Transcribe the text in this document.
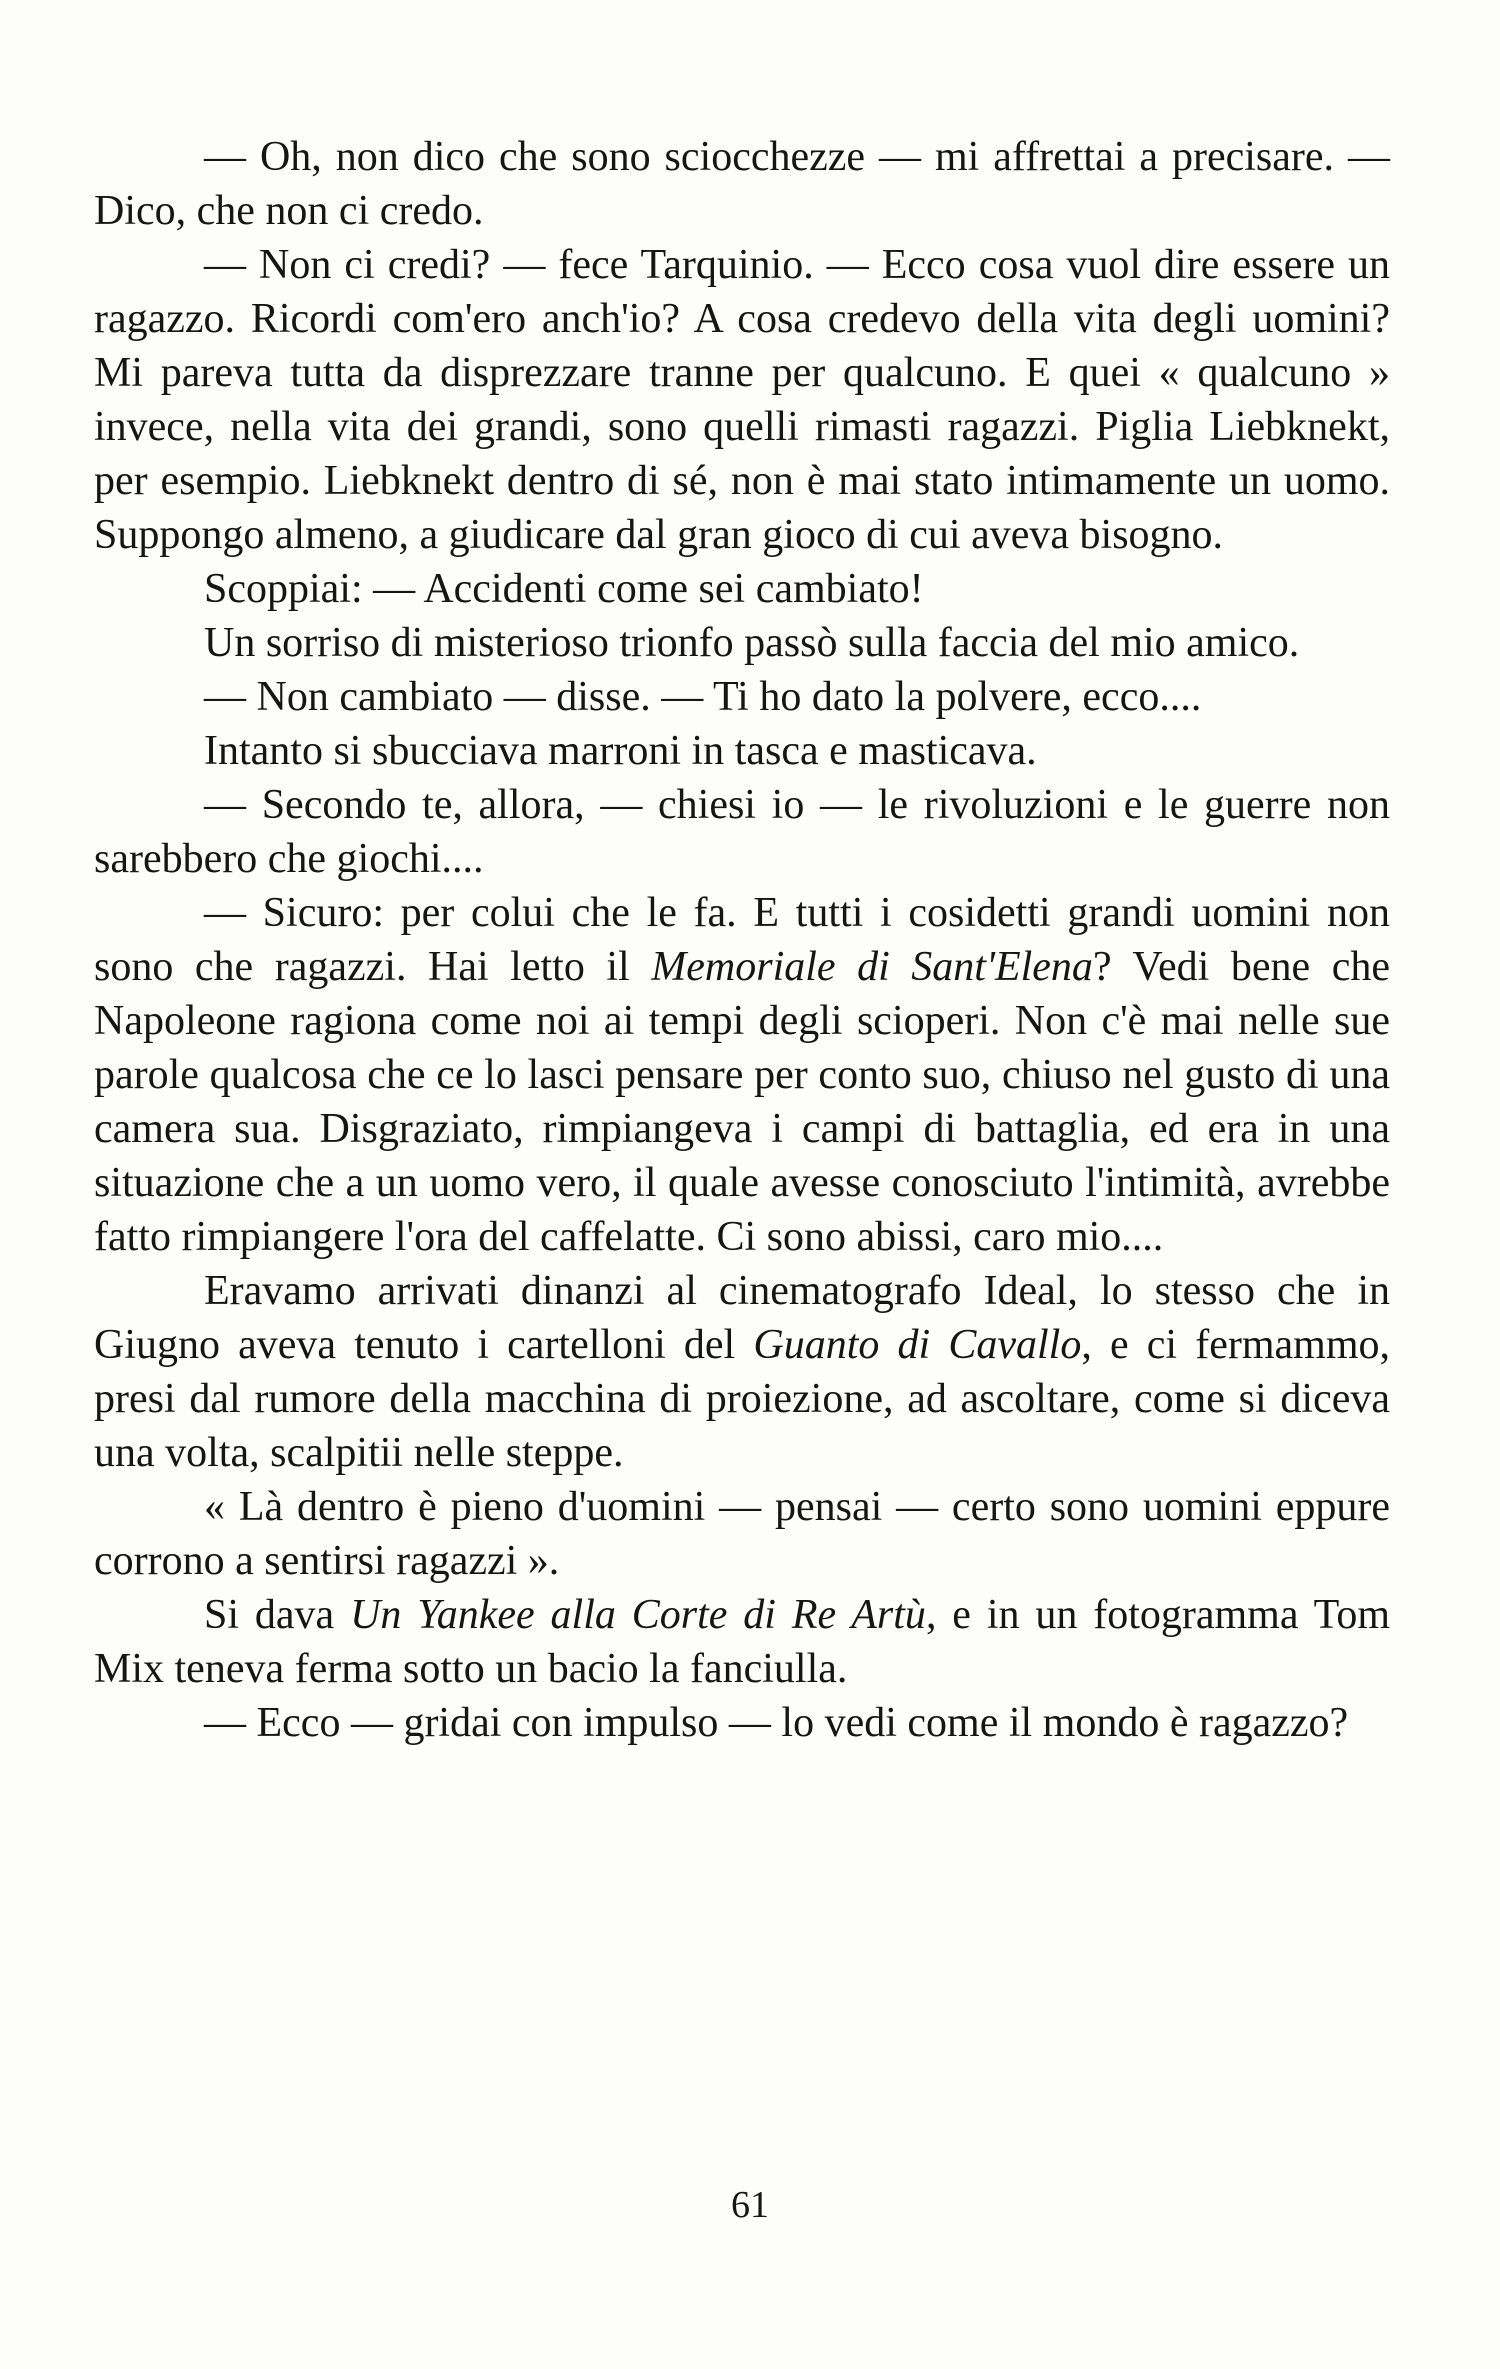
— Oh, non dico che sono sciocchezze — mi affrettai a precisare. — Dico, che non ci credo.

— Non ci credi? — fece Tarquinio. — Ecco cosa vuol dire essere un ragazzo. Ricordi com'ero anch'io? A cosa credevo della vita degli uomini? Mi pareva tutta da disprezzare tranne per qualcuno. E quei « qualcuno » invece, nella vita dei grandi, sono quelli rimasti ragazzi. Piglia Liebknekt, per esempio. Liebknekt dentro di sé, non è mai stato intimamente un uomo. Suppongo almeno, a giudicare dal gran gioco di cui aveva bisogno.

Scoppiai: — Accidenti come sei cambiato!

Un sorriso di misterioso trionfo passò sulla faccia del mio amico.

— Non cambiato — disse. — Ti ho dato la polvere, ecco....

Intanto si sbucciava marroni in tasca e masticava.

— Secondo te, allora, — chiesi io — le rivoluzioni e le guerre non sarebbero che giochi....

— Sicuro: per colui che le fa. E tutti i cosidetti grandi uomini non sono che ragazzi. Hai letto il Memoriale di Sant'Elena? Vedi bene che Napoleone ragiona come noi ai tempi degli scioperi. Non c'è mai nelle sue parole qualcosa che ce lo lasci pensare per conto suo, chiuso nel gusto di una camera sua. Disgraziato, rimpiangeva i campi di battaglia, ed era in una situazione che a un uomo vero, il quale avesse conosciuto l'intimità, avrebbe fatto rimpiangere l'ora del caffelatte. Ci sono abissi, caro mio....

Eravamo arrivati dinanzi al cinematografo Ideal, lo stesso che in Giugno aveva tenuto i cartelloni del Guanto di Cavallo, e ci fermammo, presi dal rumore della macchina di proiezione, ad ascoltare, come si diceva una volta, scalpitii nelle steppe.

« Là dentro è pieno d'uomini — pensai — certo sono uomini eppure corrono a sentirsi ragazzi ».

Si dava Un Yankee alla Corte di Re Artù, e in un fotogramma Tom Mix teneva ferma sotto un bacio la fanciulla.

— Ecco — gridai con impulso — lo vedi come il mondo è ragazzo?

61
